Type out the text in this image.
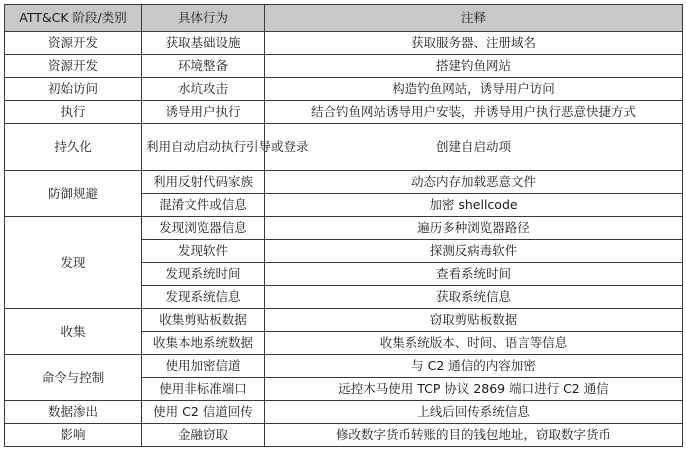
ATT&CK 阶段/类别	具体行为	注释
资源开发	获取基础设施	获取服务器、注册域名
资源开发	环境整备	搭建钓鱼网站
初始访问	水坑攻击	构造钓鱼网站，诱导用户访问
执行	诱导用户执行	结合钓鱼网站诱导用户安装，并诱导用户执行恶意快捷方式
持久化	利用自动启动执行引导或登录	创建自启动项
防御规避	利用反射代码家族	动态内存加载恶意文件
	混淆文件或信息	加密 shellcode
发现	发现浏览器信息	遍历多种浏览器路径
	发现软件	探测反病毒软件
	发现系统时间	查看系统时间
	发现系统信息	获取系统信息
收集	收集剪贴板数据	窃取剪贴板数据
	收集本地系统数据	收集系统版本、时间、语言等信息
命令与控制	使用加密信道	与 C2 通信的内容加密
	使用非标准端口	远控木马使用 TCP 协议 2869 端口进行 C2 通信
数据渗出	使用 C2 信道回传	上线后回传系统信息
影响	金融窃取	修改数字货币转账的目的钱包地址，窃取数字货币
